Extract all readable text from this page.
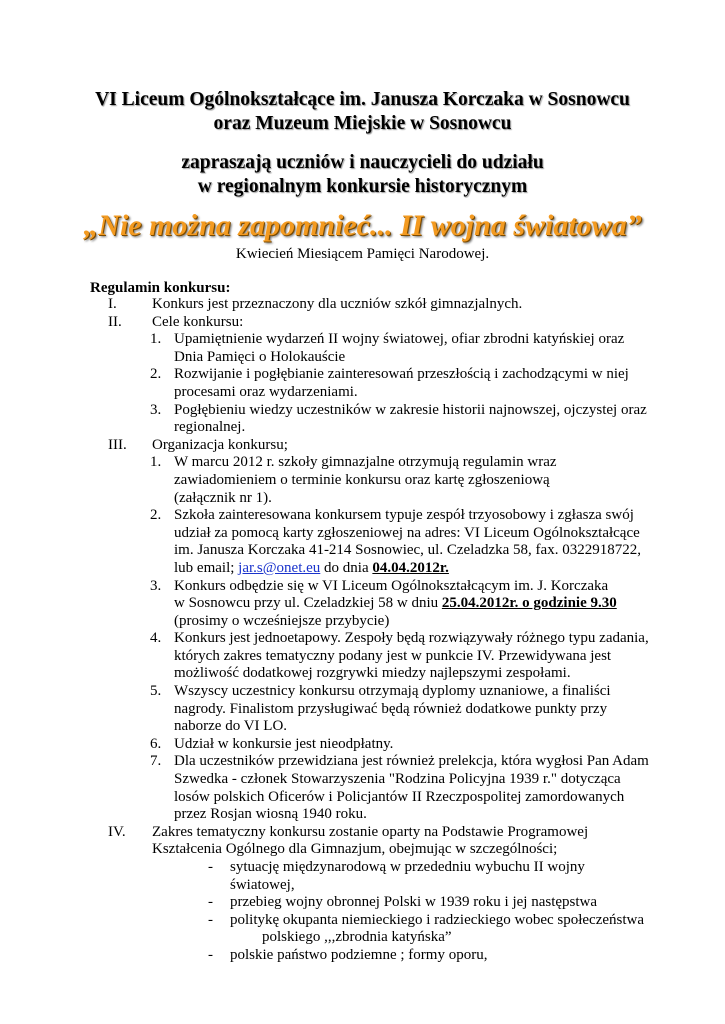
VI Liceum Ogólnokształcące im. Janusza Korczaka w Sosnowcu
oraz Muzeum Miejskie w Sosnowcu
zapraszają uczniów i nauczycieli do udziału
w regionalnym konkursie historycznym
„Nie można zapomnieć... II wojna światowa”
Kwiecień Miesiącem Pamięci Narodowej.
Regulamin konkursu:
I. Konkurs jest przeznaczony dla uczniów szkół gimnazjalnych.
II. Cele konkursu:
1. Upamiętnienie wydarzeń II wojny światowej, ofiar zbrodni katyńskiej oraz
Dnia Pamięci o Holokauście
2. Rozwijanie i pogłębianie zainteresowań przeszłością i zachodzącymi w niej
procesami oraz wydarzeniami.
3. Pogłębieniu wiedzy uczestników w zakresie historii najnowszej, ojczystej oraz
regionalnej.
III. Organizacja konkursu;
1. W marcu 2012 r. szkoły gimnazjalne otrzymują regulamin wraz
zawiadomieniem o terminie konkursu oraz kartę zgłoszeniową
(załącznik nr 1).
2. Szkoła zainteresowana konkursem typuje zespół trzyosobowy i zgłasza swój
udział za pomocą karty zgłoszeniowej na adres: VI Liceum Ogólnokształcące
im. Janusza Korczaka 41-214 Sosnowiec, ul. Czeladzka 58, fax. 0322918722,
lub email; jar.s@onet.eu do dnia 04.04.2012r.
3. Konkurs odbędzie się w VI Liceum Ogólnokształcącym im. J. Korczaka
w Sosnowcu przy ul. Czeladzkiej 58 w dniu 25.04.2012r. o godzinie 9.30
(prosimy o wcześniejsze przybycie)
4. Konkurs jest jednoetapowy. Zespoły będą rozwiązywały różnego typu zadania,
których zakres tematyczny podany jest w punkcie IV. Przewidywana jest
możliwość dodatkowej rozgrywki miedzy najlepszymi zespołami.
5. Wszyscy uczestnicy konkursu otrzymają dyplomy uznaniowe, a finaliści
nagrody. Finalistom przysługiwać będą również dodatkowe punkty przy
naborze do VI LO.
6. Udział w konkursie jest nieodpłatny.
7. Dla uczestników przewidziana jest również prelekcja, która wygłosi Pan Adam
Szwedka - członek Stowarzyszenia "Rodzina Policyjna 1939 r." dotycząca
losów polskich Oficerów i Policjantów II Rzeczpospolitej zamordowanych
przez Rosjan wiosną 1940 roku.
IV. Zakres tematyczny konkursu zostanie oparty na Podstawie Programowej
Kształcenia Ogólnego dla Gimnazjum, obejmując w szczególności;
- sytuację międzynarodową w przededniu wybuchu II wojny
światowej,
- przebieg wojny obronnej Polski w 1939 roku i jej następstwa
- politykę okupanta niemieckiego i radzieckiego wobec społeczeństwa
polskiego ,,,zbrodnia katyńska”
- polskie państwo podziemne ; formy oporu,
